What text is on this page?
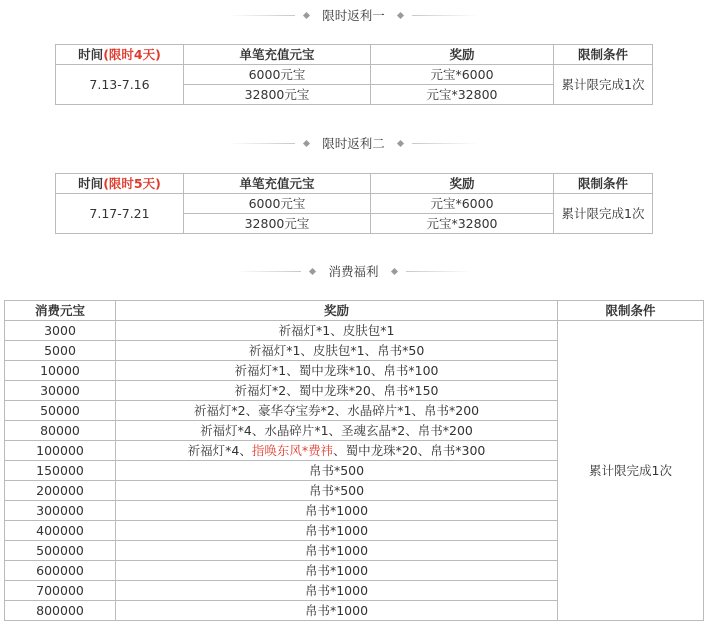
限时返利一
时间(限时4天)	单笔充值元宝	奖励	限制条件
7.13-7.16	6000元宝	元宝*6000	累计限完成1次
	32800元宝	元宝*32800	
限时返利二
时间(限时5天)	单笔充值元宝	奖励	限制条件
7.17-7.21	6000元宝	元宝*6000	累计限完成1次
	32800元宝	元宝*32800	
消费福利
消费元宝	奖励	限制条件
3000	祈福灯*1、皮肤包*1	累计限完成1次
5000	祈福灯*1、皮肤包*1、帛书*50	
10000	祈福灯*1、蜀中龙珠*10、帛书*100	
30000	祈福灯*2、蜀中龙珠*20、帛书*150	
50000	祈福灯*2、豪华夺宝券*2、水晶碎片*1、帛书*200	
80000	祈福灯*4、水晶碎片*1、圣魂玄晶*2、帛书*200	
100000	祈福灯*4、指唤东风*费祎、蜀中龙珠*20、帛书*300	
150000	帛书*500	
200000	帛书*500	
300000	帛书*1000	
400000	帛书*1000	
500000	帛书*1000	
600000	帛书*1000	
700000	帛书*1000	
800000	帛书*1000	
